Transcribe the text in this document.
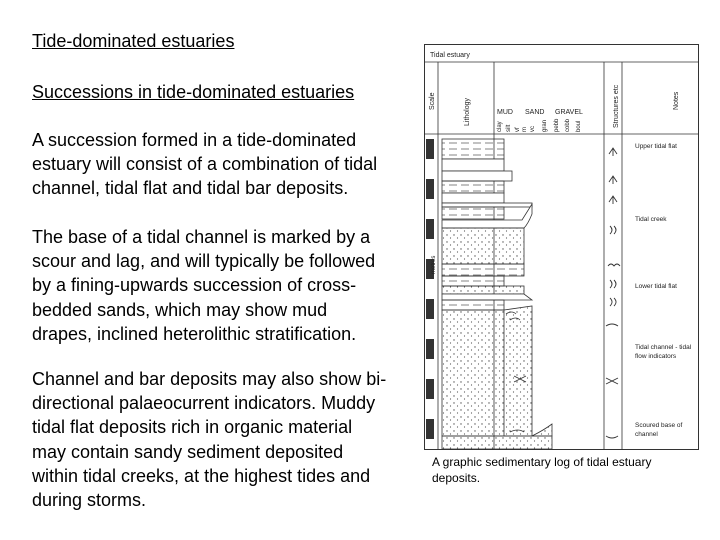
Tide-dominated estuaries
Successions in tide-dominated estuaries

A succession formed in a tide-dominated
estuary will consist of a combination of tidal
channel, tidal flat and tidal bar deposits.

The base of a tidal channel is marked by a
scour and lag, and will typically be followed
by a fining-upwards succession of cross-
bedded sands, which may show mud
drapes, inclined heterolithic stratification.

Channel and bar deposits may also show bi-
directional palaeocurrent indicators. Muddy
tidal flat deposits rich in organic material
may contain sandy sediment deposited
within tidal creeks, at the highest tides and
during storms.

Tidal estuary
Scale	Lithology	Structures etc	Notes
MUD SAND GRAVEL
clay silt vf m vc gran pebb cobb boul
metres
Upper tidal flat
Tidal creek
Lower tidal flat
Tidal channel - tidal
flow indicators
Scoured base of
channel

A graphic sedimentary log of tidal estuary
deposits.
